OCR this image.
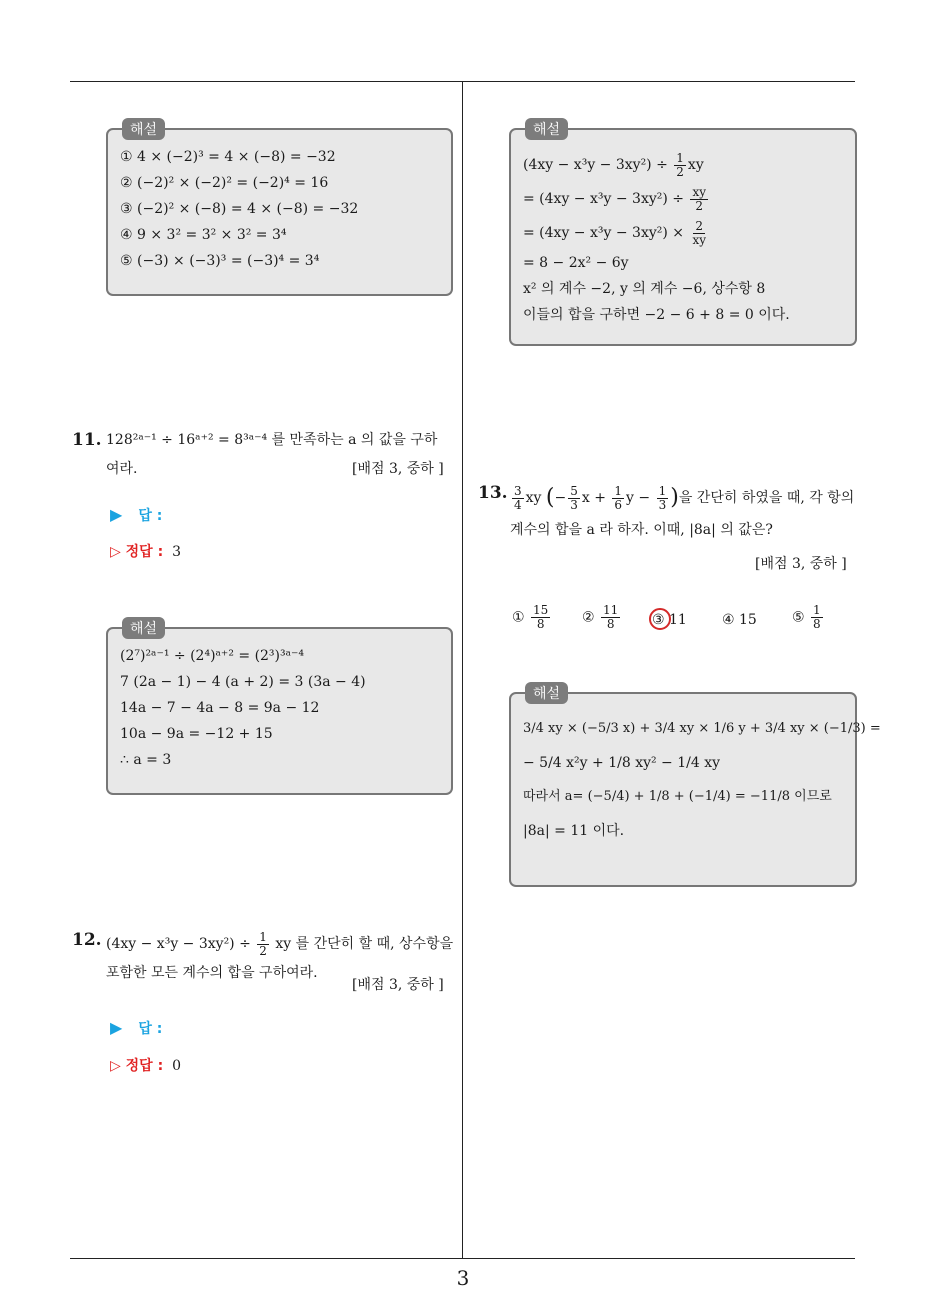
3
해설
① 4 × (−2)³ = 4 × (−8) = −32
② (−2)² × (−2)² = (−2)⁴ = 16
③ (−2)² × (−8) = 4 × (−8) = −32
④ 9 × 3² = 3² × 3² = 3⁴
⑤ (−3) × (−3)³ = (−3)⁴ = 3⁴
11. 128²ᵃ⁻¹ ÷ 16ᵃ⁺² = 8³ᵃ⁻⁴ 를 만족하는 a 의 값을 구하
여라.	[배점 3, 중하 ]
▶ 답 :
▷ 정답 : 3
해설
(2⁷)²ᵃ⁻¹ ÷ (2⁴)ᵃ⁺² = (2³)³ᵃ⁻⁴
7 (2a − 1) − 4 (a + 2) = 3 (3a − 4)
14a − 7 − 4a − 8 = 9a − 12
10a − 9a = −12 + 15
∴ a = 3
12. $(4xy - x^3y - 3xy^2) \div \frac{1}{2}$ xy 를 간단히 할 때, 상수항을
포함한 모든 계수의 합을 구하여라.
[배점 3, 중하 ]
▶ 답 :
▷ 정답 : 0
해설
$(4xy - x^3y - 3xy^2) \div \frac{1}{2}$ xy
= $(4xy - x^3y - 3xy^2) \div \frac{xy}{2}$
= $(4xy - x^3y - 3xy^2) \times \frac{2}{xy}$
= 8 − 2x² − 6y
x² 의 계수 −2, y 의 계수 −6, 상수항 8
이들의 합을 구하면 −2 − 6 + 8 = 0 이다.
13. $\frac{3}{4}$ xy (− $\frac{5}{3}$ $x + \frac{1}{6}$ $y - \frac{1}{3}$ )을 간단히 하였을 때, 각 항의
계수의 합을 a 라 하자. 이때, |8a| 의 값은?
[배점 3, 중하 ]
① $\frac{15}{8}$ ② $\frac{11}{8}$ ③ 11	④ 15	⑤ $\frac{1}{8}$
해설
3/4 xy × (−5/3 x) + 3/4 xy × 1/6 y + 3/4 xy × (−1/3) =
− 5/4 x²y + 1/8 xy² − 1/4 xy
따라서 a= (−5/4) + 1/8 + (−1/4) = −11/8 이므로
|8a| = 11 이다.
